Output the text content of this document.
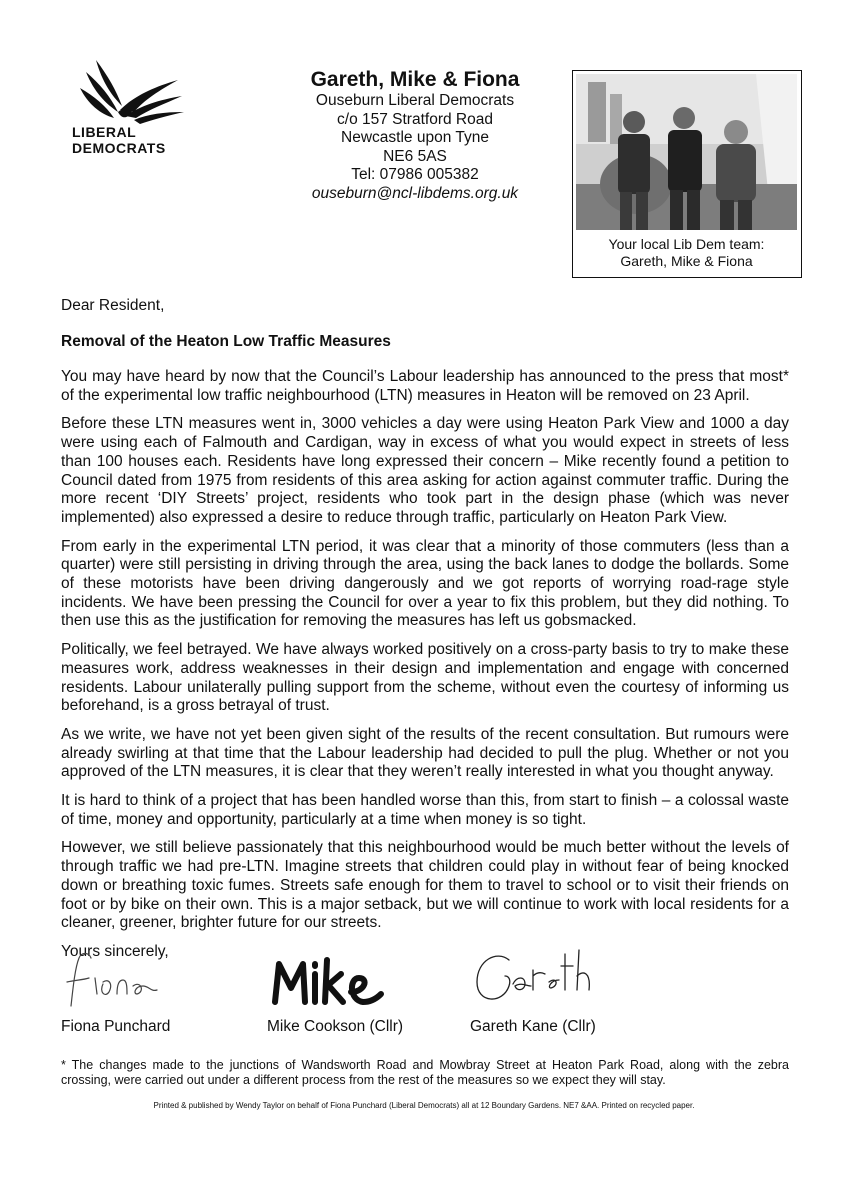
LIBERAL
DEMOCRATS
Gareth, Mike & Fiona
Ouseburn Liberal Democrats
c/o 157 Stratford Road
Newcastle upon Tyne
NE6 5AS
Tel: 07986 005382
ouseburn@ncl-libdems.org.uk
Your local Lib Dem team:
Gareth, Mike & Fiona

Dear Resident,

Removal of the Heaton Low Traffic Measures

You may have heard by now that the Council’s Labour leadership has announced to the press that most* of the experimental low traffic neighbourhood (LTN) measures in Heaton will be removed on 23 April.

Before these LTN measures went in, 3000 vehicles a day were using Heaton Park View and 1000 a day were using each of Falmouth and Cardigan, way in excess of what you would expect in streets of less than 100 houses each. Residents have long expressed their concern – Mike recently found a petition to Council dated from 1975 from residents of this area asking for action against commuter traffic. During the more recent ‘DIY Streets’ project, residents who took part in the design phase (which was never implemented) also expressed a desire to reduce through traffic, particularly on Heaton Park View.

From early in the experimental LTN period, it was clear that a minority of those commuters (less than a quarter) were still persisting in driving through the area, using the back lanes to dodge the bollards. Some of these motorists have been driving dangerously and we got reports of worrying road-rage style incidents. We have been pressing the Council for over a year to fix this problem, but they did nothing. To then use this as the justification for removing the measures has left us gobsmacked.

Politically, we feel betrayed. We have always worked positively on a cross-party basis to try to make these measures work, address weaknesses in their design and implementation and engage with concerned residents. Labour unilaterally pulling support from the scheme, without even the courtesy of informing us beforehand, is a gross betrayal of trust.

As we write, we have not yet been given sight of the results of the recent consultation. But rumours were already swirling at that time that the Labour leadership had decided to pull the plug. Whether or not you approved of the LTN measures, it is clear that they weren’t really interested in what you thought anyway.

It is hard to think of a project that has been handled worse than this, from start to finish – a colossal waste of time, money and opportunity, particularly at a time when money is so tight.

However, we still believe passionately that this neighbourhood would be much better without the levels of through traffic we had pre-LTN. Imagine streets that children could play in without fear of being knocked down or breathing toxic fumes. Streets safe enough for them to travel to school or to visit their friends on foot or by bike on their own. This is a major setback, but we will continue to work with local residents for a cleaner, greener, brighter future for our streets.

Yours sincerely,

Fiona Punchard	Mike Cookson (Cllr)	Gareth Kane (Cllr)
* The changes made to the junctions of Wandsworth Road and Mowbray Street at Heaton Park Road, along with the zebra crossing, were carried out under a different process from the rest of the measures so we expect they will stay.
Printed & published by Wendy Taylor on behalf of Fiona Punchard (Liberal Democrats) all at 12 Boundary Gardens. NE7 &AA. Printed on recycled paper.
